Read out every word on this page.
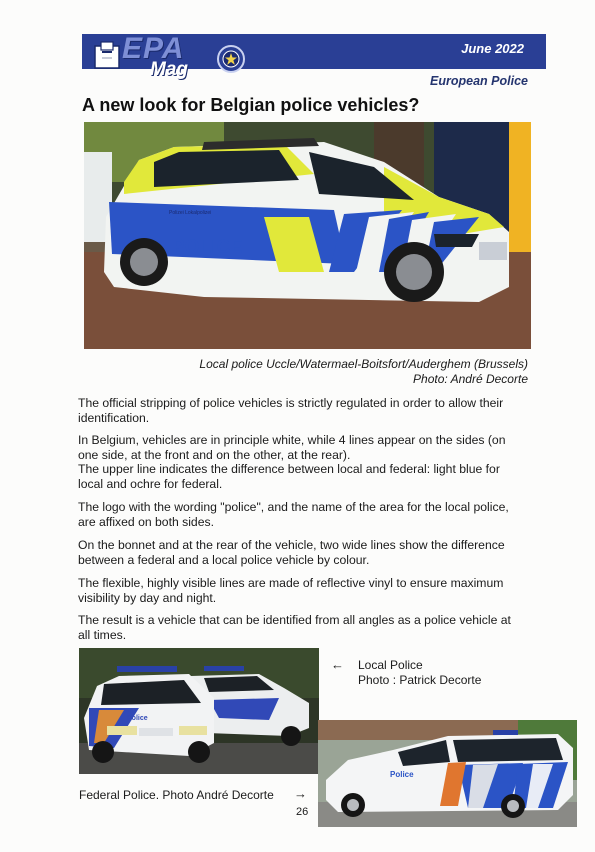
EPA
Mag
June 2022
European Police
A new look for Belgian police vehicles?
POLICE
Polizei Lokalpolizei
Local police Uccle/Watermael-Boitsfort/Auderghem (Brussels)
Photo: André Decorte
The official stripping of police vehicles is strictly regulated in order to allow their
identification.
In Belgium, vehicles are in principle white, while 4 lines appear on the sides (on
one side, at the front and on the other, at the rear).
The upper line indicates the difference between local and federal: light blue for
local and ochre for federal.
The logo with the wording "police", and the name of the area for the local police,
are affixed on both sides.
On the bonnet and at the rear of the vehicle, two wide lines show the difference
between a federal and a local police vehicle by colour.
The flexible, highly visible lines are made of reflective vinyl to ensure maximum
visibility by day and night.
The result is a vehicle that can be identified from all angles as a police vehicle at
all times.
Police
← Local Police
Photo : Patrick Decorte
Police
Federal Police. Photo André Decorte →
26
